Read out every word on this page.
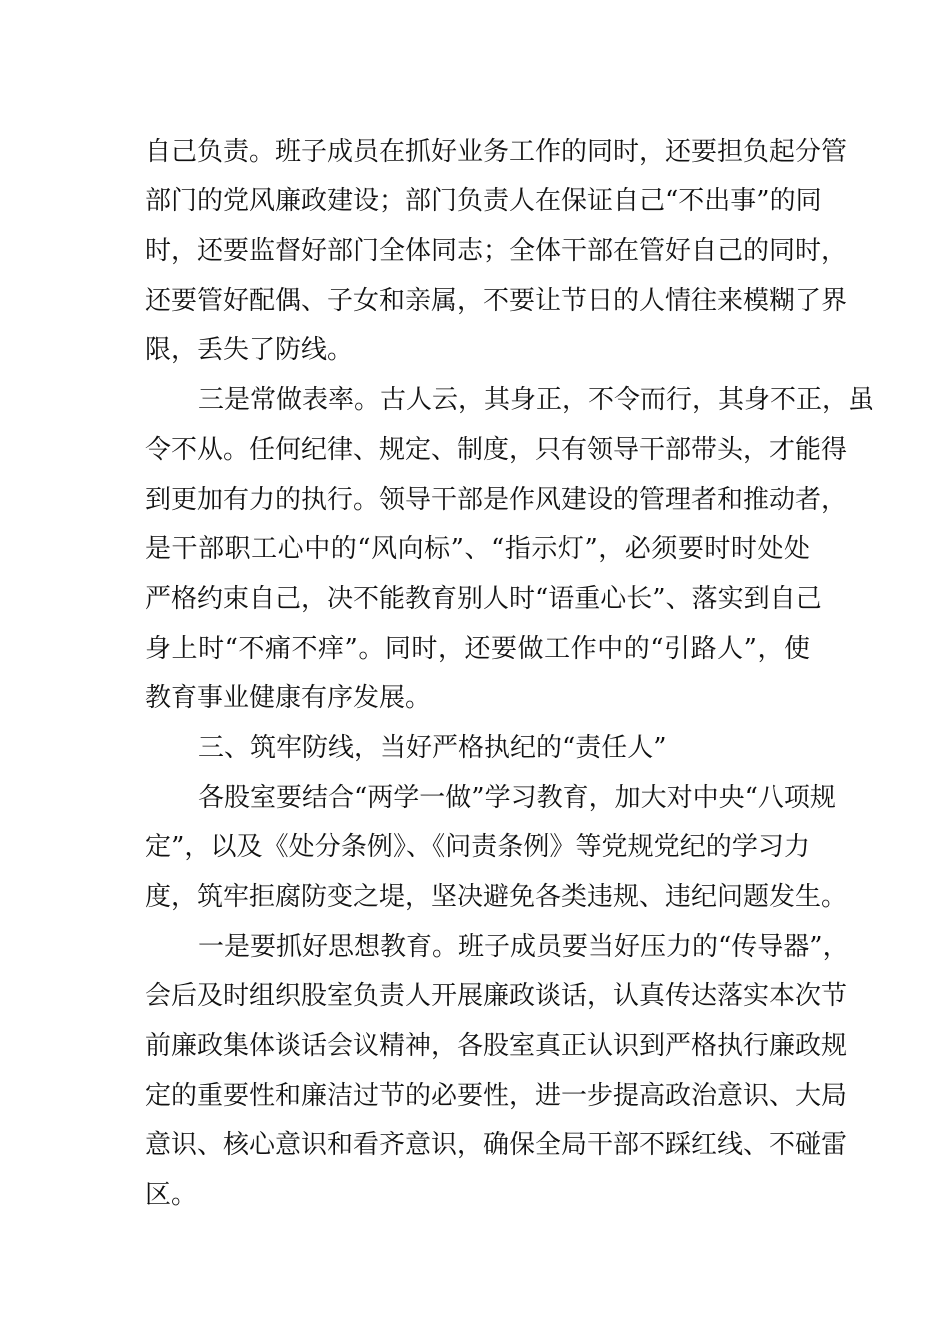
自己负责。班子成员在抓好业务工作的同时，还要担负起分管
部门的党风廉政建设；部门负责人在保证自己“不出事”的同
时，还要监督好部门全体同志；全体干部在管好自己的同时，
还要管好配偶、子女和亲属，不要让节日的人情往来模糊了界
限，丢失了防线。
三是常做表率。古人云，其身正，不令而行，其身不正，虽
令不从。任何纪律、规定、制度，只有领导干部带头，才能得
到更加有力的执行。领导干部是作风建设的管理者和推动者，
是干部职工心中的“风向标”、“指示灯”，必须要时时处处
严格约束自己，决不能教育别人时“语重心长”、落实到自己
身上时“不痛不痒”。同时，还要做工作中的“引路人”，使
教育事业健康有序发展。
三、筑牢防线，当好严格执纪的“责任人”
各股室要结合“两学一做”学习教育，加大对中央“八项规
定”，以及《处分条例》、《问责条例》等党规党纪的学习力
度，筑牢拒腐防变之堤，坚决避免各类违规、违纪问题发生。
一是要抓好思想教育。班子成员要当好压力的“传导器”，
会后及时组织股室负责人开展廉政谈话，认真传达落实本次节
前廉政集体谈话会议精神，各股室真正认识到严格执行廉政规
定的重要性和廉洁过节的必要性，进一步提高政治意识、大局
意识、核心意识和看齐意识，确保全局干部不踩红线、不碰雷
区。
